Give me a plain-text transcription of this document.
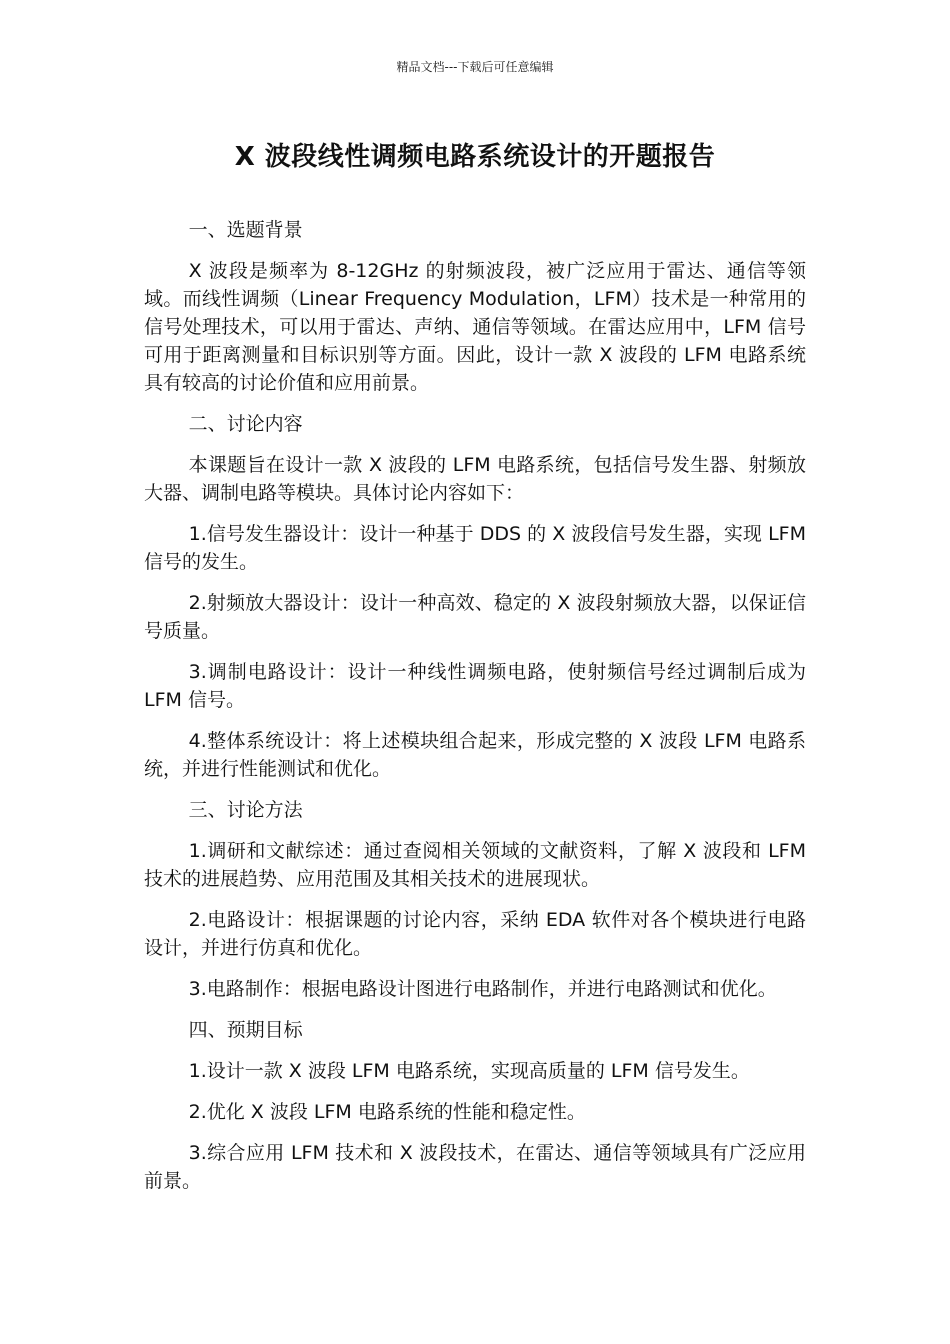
精品文档---下载后可任意编辑
X 波段线性调频电路系统设计的开题报告
一、选题背景
X 波段是频率为 8-12GHz 的射频波段，被广泛应用于雷达、通信等领域。而线性调频（Linear Frequency Modulation，LFM）技术是一种常用的信号处理技术，可以用于雷达、声纳、通信等领域。在雷达应用中，LFM 信号可用于距离测量和目标识别等方面。因此，设计一款 X 波段的 LFM 电路系统具有较高的讨论价值和应用前景。
二、讨论内容
本课题旨在设计一款 X 波段的 LFM 电路系统，包括信号发生器、射频放大器、调制电路等模块。具体讨论内容如下：
1.信号发生器设计：设计一种基于 DDS 的 X 波段信号发生器，实现 LFM 信号的发生。
2.射频放大器设计：设计一种高效、稳定的 X 波段射频放大器，以保证信号质量。
3.调制电路设计：设计一种线性调频电路，使射频信号经过调制后成为 LFM 信号。
4.整体系统设计：将上述模块组合起来，形成完整的 X 波段 LFM 电路系统，并进行性能测试和优化。
三、讨论方法
1.调研和文献综述：通过查阅相关领域的文献资料，了解 X 波段和 LFM 技术的进展趋势、应用范围及其相关技术的进展现状。
2.电路设计：根据课题的讨论内容，采纳 EDA 软件对各个模块进行电路设计，并进行仿真和优化。
3.电路制作：根据电路设计图进行电路制作，并进行电路测试和优化。
四、预期目标
1.设计一款 X 波段 LFM 电路系统，实现高质量的 LFM 信号发生。
2.优化 X 波段 LFM 电路系统的性能和稳定性。
3.综合应用 LFM 技术和 X 波段技术，在雷达、通信等领域具有广泛应用前景。
